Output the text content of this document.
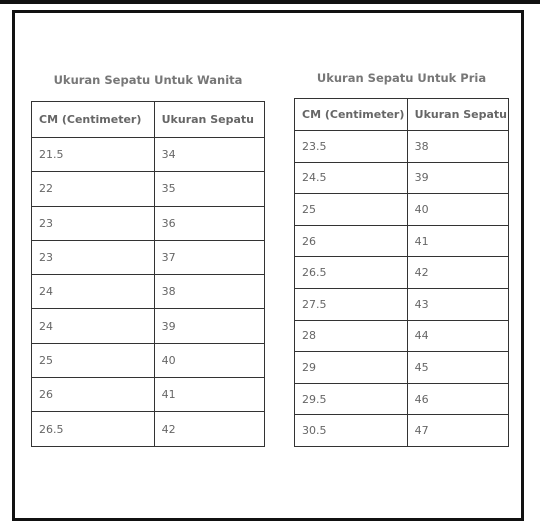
Ukuran Sepatu Untuk Wanita
CM (Centimeter)	Ukuran Sepatu
21.5	34
22	35
23	36
23	37
24	38
24	39
25	40
26	41
26.5	42
Ukuran Sepatu Untuk Pria
CM (Centimeter)	Ukuran Sepatu
23.5	38
24.5	39
25	40
26	41
26.5	42
27.5	43
28	44
29	45
29.5	46
30.5	47
